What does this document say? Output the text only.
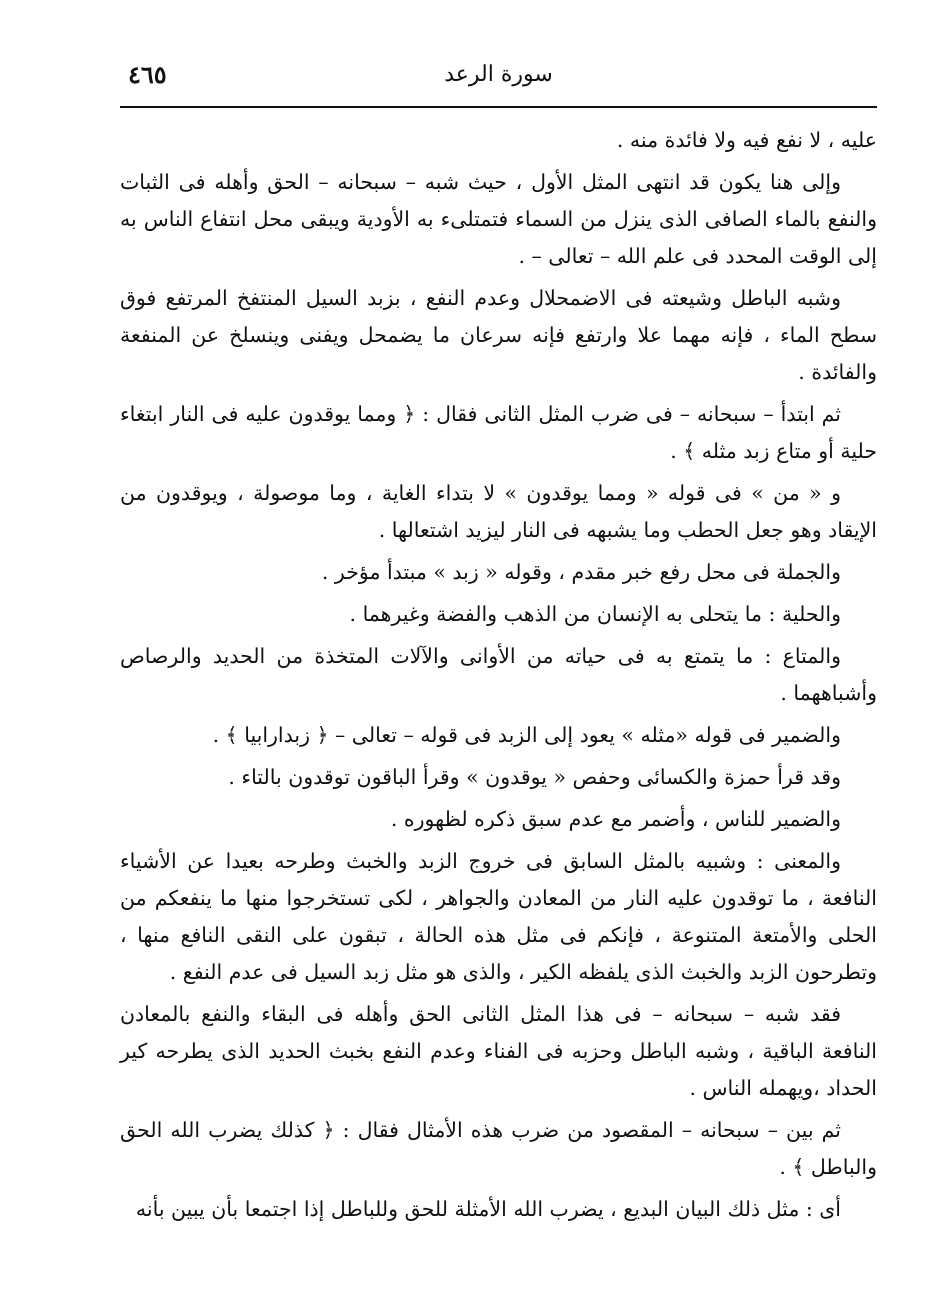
٤٦٥	سورة الرعد

عليه ، لا نفع فيه ولا فائدة منه .

وإلى هنا يكون قد انتهى المثل الأول ، حيث شبه – سبحانه – الحق وأهله فى الثبات والنفع بالماء الصافى الذى ينزل من السماء فتمتلىء به الأودية ويبقى محل انتفاع الناس به إلى الوقت المحدد فى علم الله – تعالى – .

وشبه الباطل وشيعته فى الاضمحلال وعدم النفع ، بزبد السيل المنتفخ المرتفع فوق سطح الماء ، فإنه مهما علا وارتفع فإنه سرعان ما يضمحل ويفنى وينسلخ عن المنفعة والفائدة .

ثم ابتدأ – سبحانه – فى ضرب المثل الثانى فقال : ﴿ ومما يوقدون عليه فى النار ابتغاء حلية أو متاع زبد مثله ﴾ .

و « من » فى قوله « ومما يوقدون » لا بتداء الغاية ، وما موصولة ، ويوقدون من الإيقاد وهو جعل الحطب وما يشبهه فى النار ليزيد اشتعالها .

والجملة فى محل رفع خبر مقدم ، وقوله « زبد » مبتدأ مؤخر .

والحلية : ما يتحلى به الإنسان من الذهب والفضة وغيرهما .

والمتاع : ما يتمتع به فى حياته من الأوانى والآلات المتخذة من الحديد والرصاص وأشباههما .

والضمير فى قوله «مثله » يعود إلى الزبد فى قوله – تعالى – ﴿ زبدارابيا ﴾ .

وقد قرأ حمزة والكسائى وحفص « يوقدون » وقرأ الباقون توقدون بالتاء .

والضمير للناس ، وأضمر مع عدم سبق ذكره لظهوره .

والمعنى : وشبيه بالمثل السابق فى خروج الزبد والخبث وطرحه بعيدا عن الأشياء النافعة ، ما توقدون عليه النار من المعادن والجواهر ، لكى تستخرجوا منها ما ينفعكم من الحلى والأمتعة المتنوعة ، فإنكم فى مثل هذه الحالة ، تبقون على النقى النافع منها ، وتطرحون الزبد والخبث الذى يلفظه الكير ، والذى هو مثل زبد السيل فى عدم النفع .

فقد شبه – سبحانه – فى هذا المثل الثانى الحق وأهله فى البقاء والنفع بالمعادن النافعة الباقية ، وشبه الباطل وحزبه فى الفناء وعدم النفع بخبث الحديد الذى يطرحه كير الحداد ،ويهمله الناس .

ثم بين – سبحانه – المقصود من ضرب هذه الأمثال فقال : ﴿ كذلك يضرب الله الحق والباطل ﴾ .

أى : مثل ذلك البيان البديع ، يضرب الله الأمثلة للحق وللباطل إذا اجتمعا بأن يبين بأنه
